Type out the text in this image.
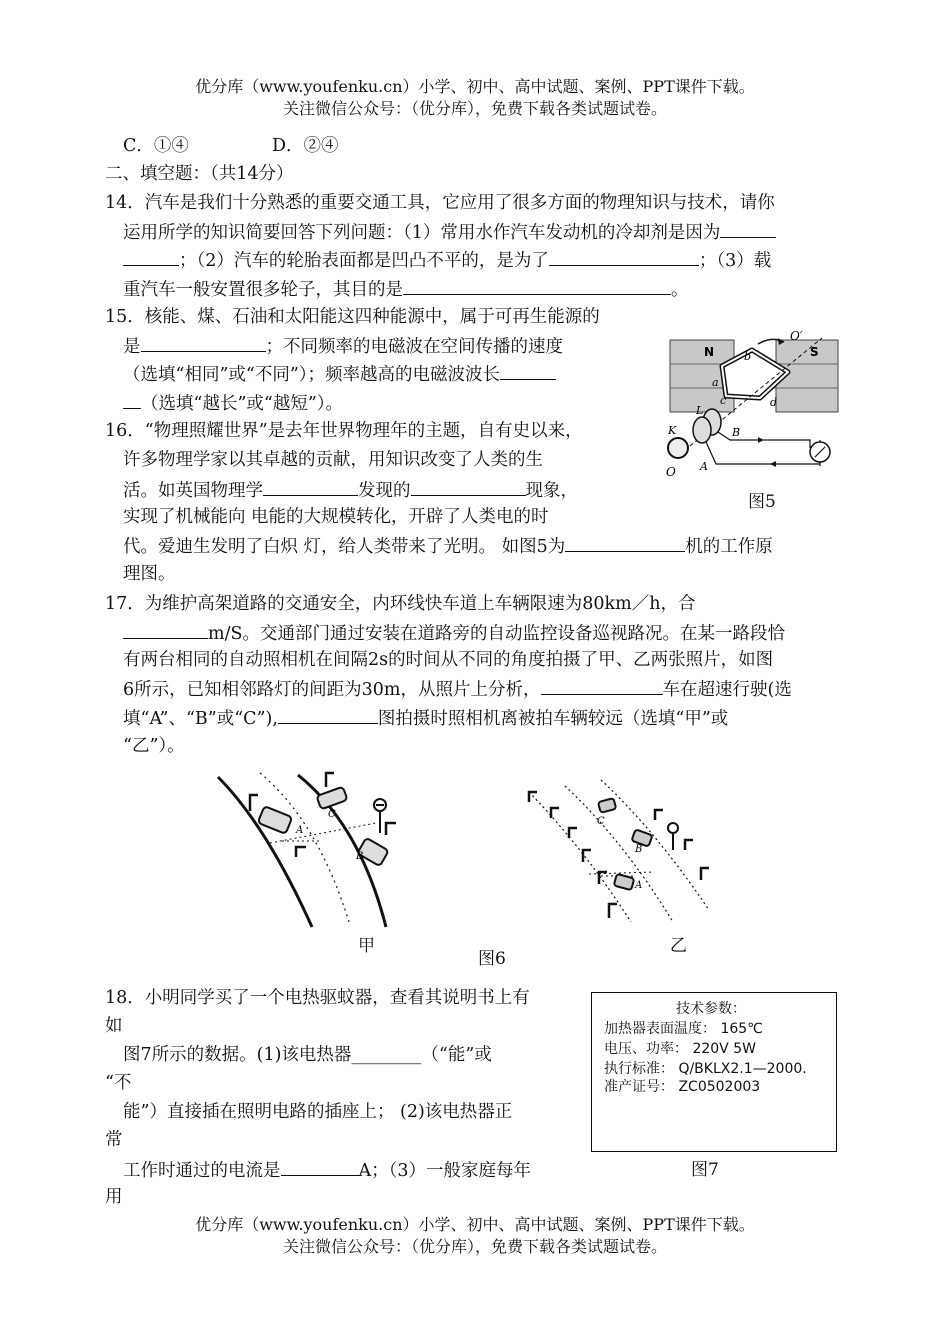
优分库（www.youfenku.cn）小学、初中、高中试题、案例、PPT课件下载。
关注微信公众号：（优分库），免费下载各类试题试卷。
C．①④	D．②④
二、填空题：（共14分）
14．汽车是我们十分熟悉的重要交通工具，它应用了很多方面的物理知识与技术，请你
运用所学的知识简要回答下列问题：（1）常用水作汽车发动机的冷却剂是因为
；（2）汽车的轮胎表面都是凹凸不平的，是为了	；（3）载
重汽车一般安置很多轮子，其目的是	。
15．核能、煤、石油和太阳能这四种能源中，属于可再生能源的
是	；不同频率的电磁波在空间传播的速度
（选填“相同”或“不同”）；频率越高的电磁波波长
（选填“越长”或“越短”）。
16．“物理照耀世界”是去年世界物理年的主题，自有史以来，
许多物理学家以其卓越的贡献，用知识改变了人类的生
活。如英国物理学	发现的	现象，
实现了机械能向 电能的大规模转化，开辟了人类电的时
代。爱迪生发明了白炽 灯，给人类带来了光明。 如图5为	机的工作原
理图。
N	S
O′
O
a
b
c	d
K
L
B
A
图5
17．为维护高架道路的交通安全，内环线快车道上车辆限速为80km／h，合
m/S。交通部门通过安装在道路旁的自动监控设备巡视路况。在某一路段恰
有两台相同的自动照相机在间隔2s的时间从不同的角度拍摄了甲、乙两张照片，如图
6所示，已知相邻路灯的间距为30m，从照片上分析，	车在超速行驶(选
填“A”、“B”或“C”),	图拍摄时照相机离被拍车辆较远（选填“甲”或
“乙”）。
A
C
B
甲
C
B
A
乙
图6
18．小明同学买了一个电热驱蚊器，查看其说明书上有
如
图7所示的数据。(1)该电热器________（“能”或
“不
能”）直接插在照明电路的插座上； (2)该电热器正
常
工作时通过的电流是	A；（3）一般家庭每年
用
技术参数：
加热器表面温度： 165℃
电压、功率： 220V 5W
执行标准： Q/BKLX2.1—2000.
准产证号： ZC0502003
图7
优分库（www.youfenku.cn）小学、初中、高中试题、案例、PPT课件下载。
关注微信公众号：（优分库），免费下载各类试题试卷。
